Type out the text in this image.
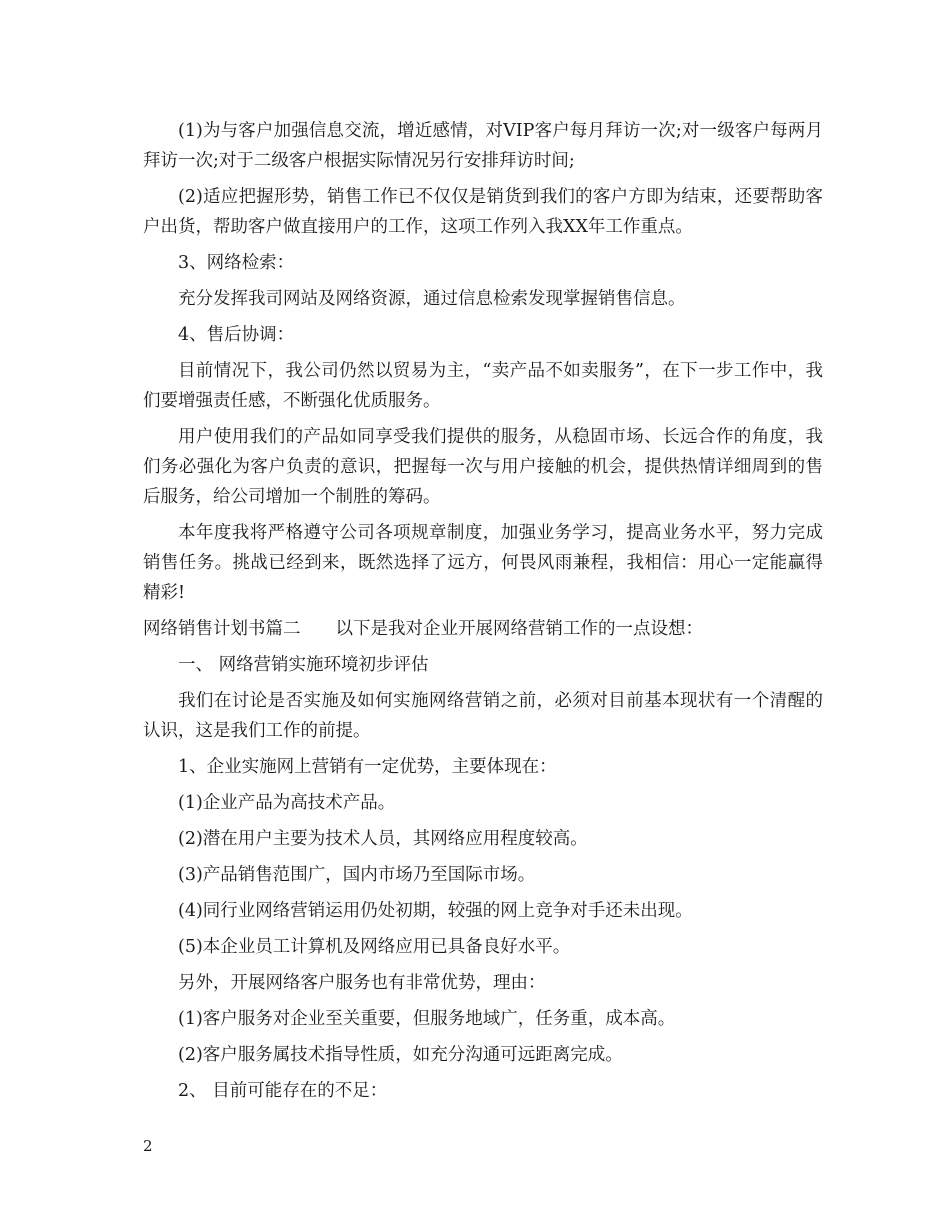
(1)为与客户加强信息交流，增近感情，对VIP客户每月拜访一次;对一级客户每两月拜访一次;对于二级客户根据实际情况另行安排拜访时间;

(2)适应把握形势，销售工作已不仅仅是销货到我们的客户方即为结束，还要帮助客户出货，帮助客户做直接用户的工作，这项工作列入我XX年工作重点。

3、网络检索：

充分发挥我司网站及网络资源，通过信息检索发现掌握销售信息。

4、售后协调：

目前情况下，我公司仍然以贸易为主，“卖产品不如卖服务”，在下一步工作中，我们要增强责任感，不断强化优质服务。

用户使用我们的产品如同享受我们提供的服务，从稳固市场、长远合作的角度，我们务必强化为客户负责的意识，把握每一次与用户接触的机会，提供热情详细周到的售后服务，给公司增加一个制胜的筹码。

本年度我将严格遵守公司各项规章制度，加强业务学习，提高业务水平，努力完成销售任务。挑战已经到来，既然选择了远方，何畏风雨兼程，我相信：用心一定能赢得精彩!

网络销售计划书篇二　　以下是我对企业开展网络营销工作的一点设想：

一、 网络营销实施环境初步评估

我们在讨论是否实施及如何实施网络营销之前，必须对目前基本现状有一个清醒的认识，这是我们工作的前提。

1、企业实施网上营销有一定优势，主要体现在：

(1)企业产品为高技术产品。

(2)潜在用户主要为技术人员，其网络应用程度较高。

(3)产品销售范围广，国内市场乃至国际市场。

(4)同行业网络营销运用仍处初期，较强的网上竞争对手还未出现。

(5)本企业员工计算机及网络应用已具备良好水平。

另外，开展网络客户服务也有非常优势，理由：

(1)客户服务对企业至关重要，但服务地域广，任务重，成本高。

(2)客户服务属技术指导性质，如充分沟通可远距离完成。

2、 目前可能存在的不足：

2
